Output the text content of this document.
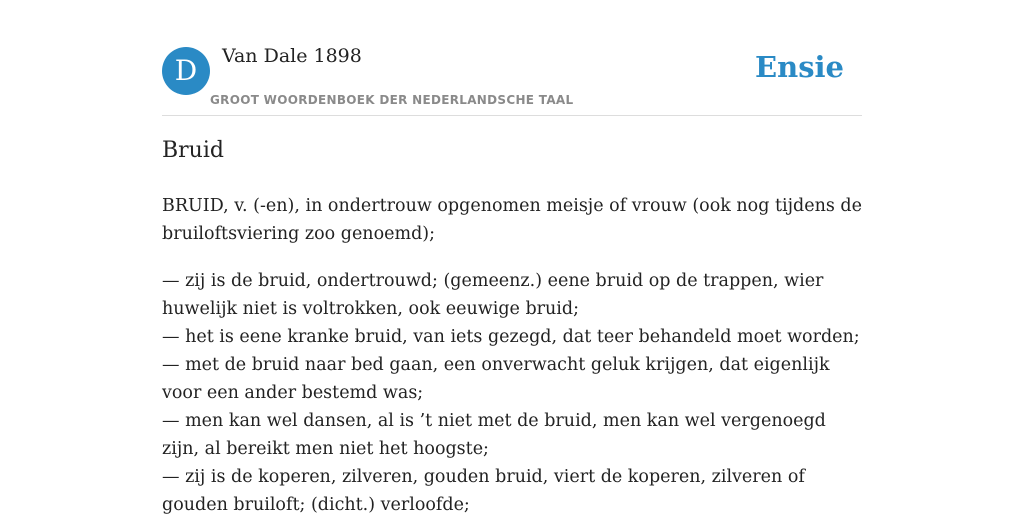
D	Van Dale 1898
GROOT WOORDENBOEK DER NEDERLANDSCHE TAAL
Ensie
Bruid

BRUID, v. (-en), in ondertrouw opgenomen meisje of vrouw (ook nog tijdens de bruiloftsviering zoo genoemd);

— zij is de bruid, ondertrouwd; (gemeenz.) eene bruid op de trappen, wier huwelijk niet is voltrokken, ook eeuwige bruid;
— het is eene kranke bruid, van iets gezegd, dat teer behandeld moet worden;
— met de bruid naar bed gaan, een onverwacht geluk krijgen, dat eigenlijk voor een ander bestemd was;
— men kan wel dansen, al is ’t niet met de bruid, men kan wel vergenoegd zijn, al bereikt men niet het hoogste;
— zij is de koperen, zilveren, gouden bruid, viert de koperen, zilveren of gouden bruiloft; (dicht.) verloofde;
